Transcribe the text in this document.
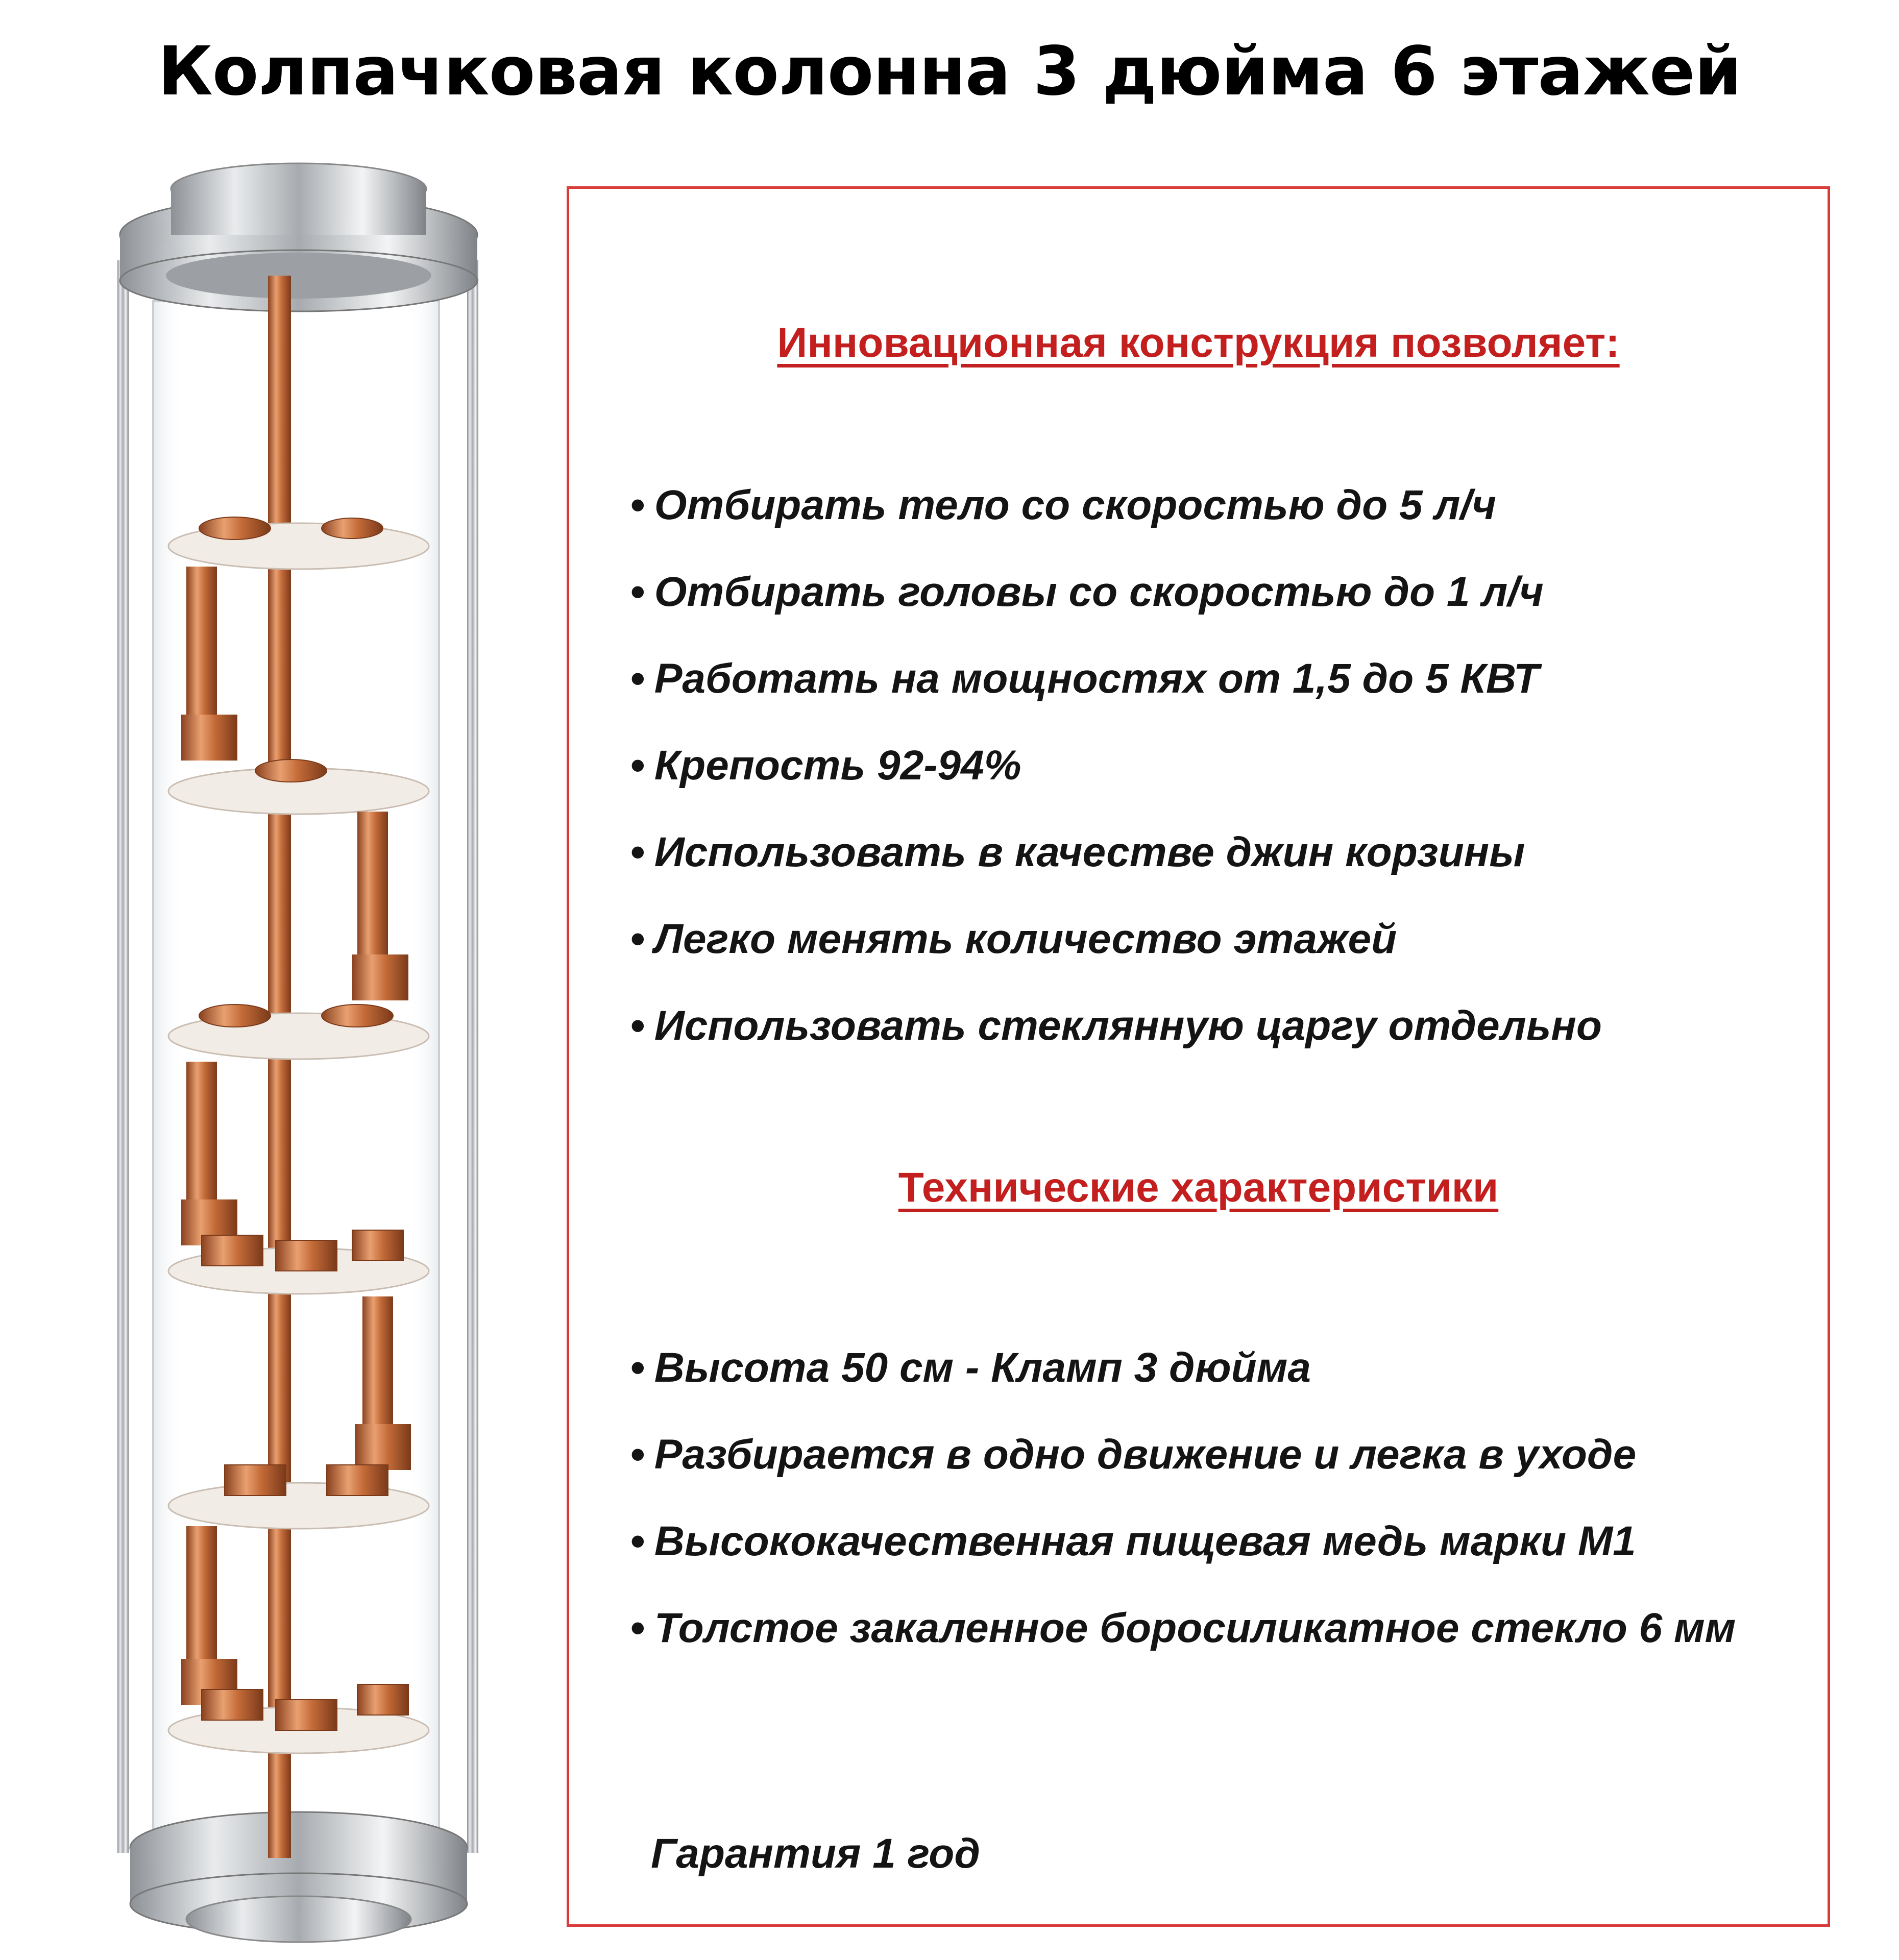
Колпачковая колонна 3 дюйма 6 этажей
Инновационная конструкция позволяет:
• Отбирать тело со скоростью до 5 л/ч
• Отбирать головы со скоростью до 1 л/ч
• Работать на мощностях от 1,5 до 5 КВТ
• Крепость 92-94%
• Использовать в качестве джин корзины
• Легко менять количество этажей
• Использовать стеклянную царгу отдельно
Технические характеристики
• Высота 50 см - Кламп 3 дюйма
• Разбирается в одно движение и легка в уходе
• Высококачественная пищевая медь марки М1
• Толстое закаленное боросиликатное стекло 6 мм
Гарантия 1 год
